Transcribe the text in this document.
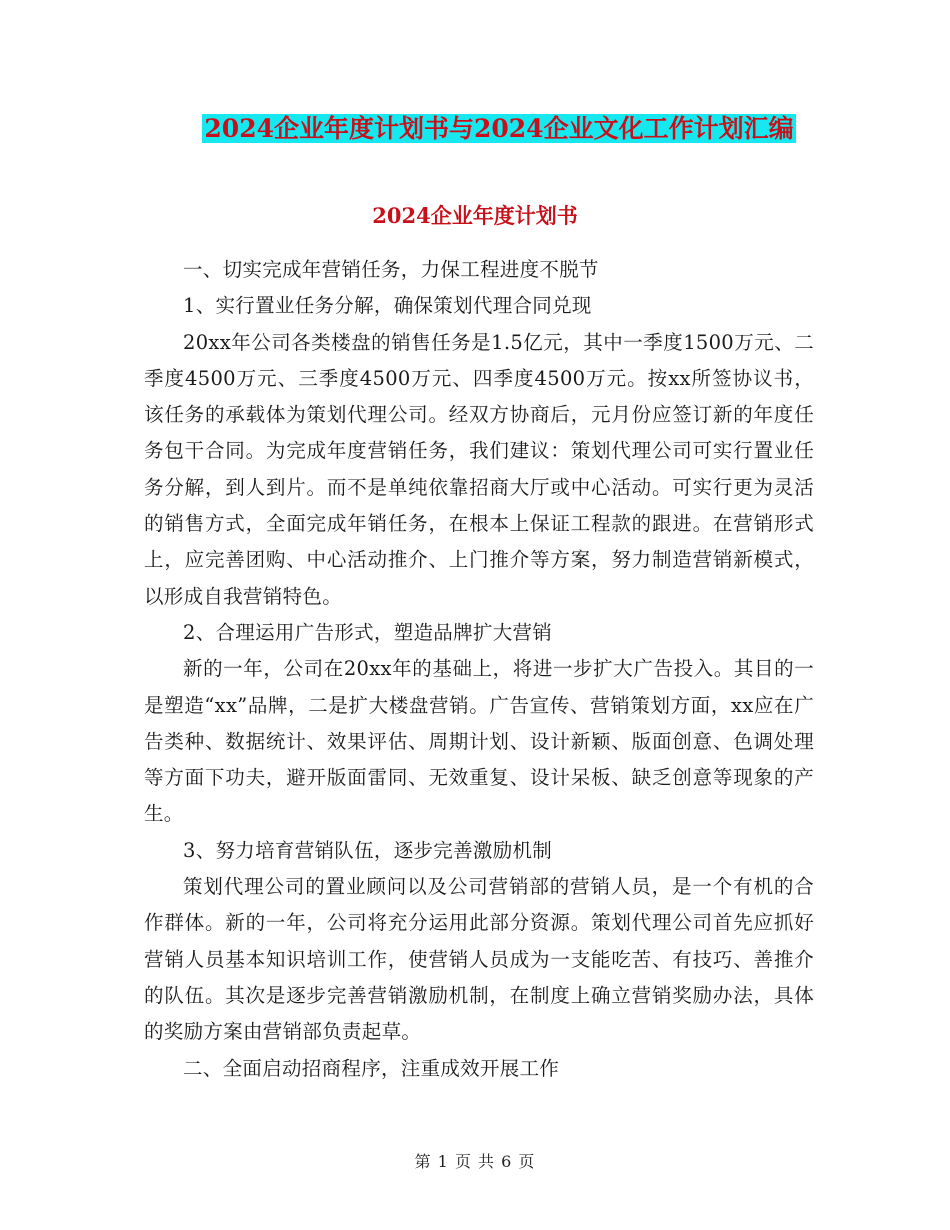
2024企业年度计划书与2024企业文化工作计划汇编
2024企业年度计划书

一、切实完成年营销任务，力保工程进度不脱节

1、实行置业任务分解，确保策划代理合同兑现

20xx年公司各类楼盘的销售任务是1.5亿元，其中一季度1500万元、二季度4500万元、三季度4500万元、四季度4500万元。按xx所签协议书，该任务的承载体为策划代理公司。经双方协商后，元月份应签订新的年度任务包干合同。为完成年度营销任务，我们建议：策划代理公司可实行置业任务分解，到人到片。而不是单纯依靠招商大厅或中心活动。可实行更为灵活的销售方式，全面完成年销任务，在根本上保证工程款的跟进。在营销形式上，应完善团购、中心活动推介、上门推介等方案，努力制造营销新模式，以形成自我营销特色。

2、合理运用广告形式，塑造品牌扩大营销

新的一年，公司在20xx年的基础上，将进一步扩大广告投入。其目的一是塑造“xx”品牌，二是扩大楼盘营销。广告宣传、营销策划方面，xx应在广告类种、数据统计、效果评估、周期计划、设计新颖、版面创意、色调处理等方面下功夫，避开版面雷同、无效重复、设计呆板、缺乏创意等现象的产生。

3、努力培育营销队伍，逐步完善激励机制

策划代理公司的置业顾问以及公司营销部的营销人员，是一个有机的合作群体。新的一年，公司将充分运用此部分资源。策划代理公司首先应抓好营销人员基本知识培训工作，使营销人员成为一支能吃苦、有技巧、善推介的队伍。其次是逐步完善营销激励机制，在制度上确立营销奖励办法，具体的奖励方案由营销部负责起草。

二、全面启动招商程序，注重成效开展工作

第 1 页 共 6 页
